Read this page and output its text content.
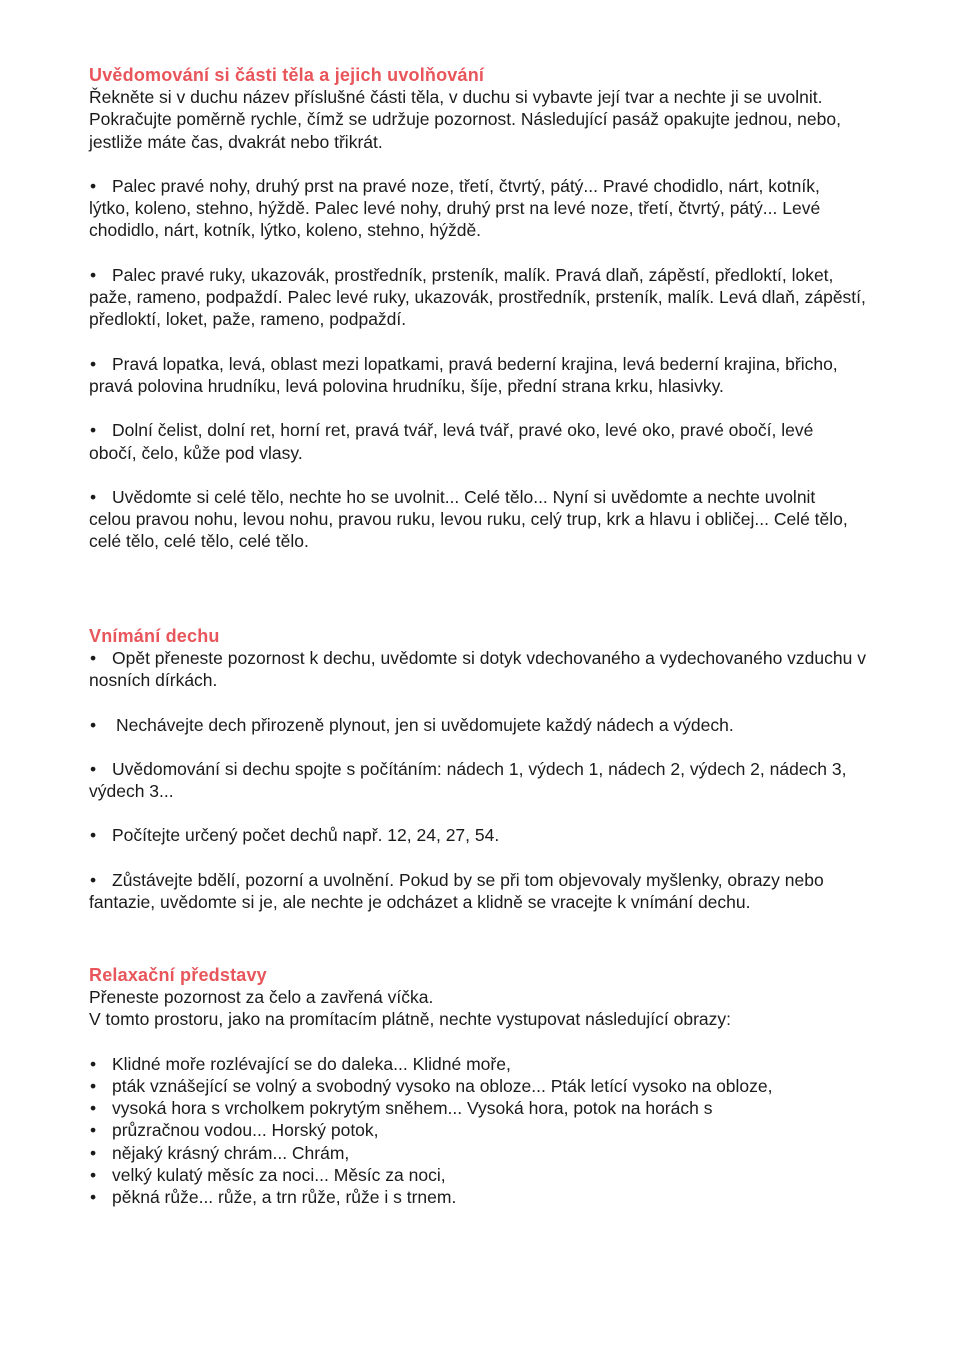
Uvědomování si části těla a jejich uvolňování

Řekněte si v duchu název příslušné části těla, v duchu si vybavte její tvar a nechte ji se uvolnit.

Pokračujte poměrně rychle, čímž se udržuje pozornost. Následující pasáž opakujte jednou, nebo, jestliže máte čas, dvakrát nebo třikrát.

• Palec pravé nohy, druhý prst na pravé noze, třetí, čtvrtý, pátý... Pravé chodidlo, nárt, kotník, lýtko, koleno, stehno, hýždě. Palec levé nohy, druhý prst na levé noze, třetí, čtvrtý, pátý... Levé chodidlo, nárt, kotník, lýtko, koleno, stehno, hýždě.

• Palec pravé ruky, ukazovák, prostředník, prsteník, malík. Pravá dlaň, zápěstí, předloktí, loket, paže, rameno, podpaždí. Palec levé ruky, ukazovák, prostředník, prsteník, malík. Levá dlaň, zápěstí, předloktí, loket, paže, rameno, podpaždí.

• Pravá lopatka, levá, oblast mezi lopatkami, pravá bederní krajina, levá bederní krajina, břicho, pravá polovina hrudníku, levá polovina hrudníku, šíje, přední strana krku, hlasivky.

• Dolní čelist, dolní ret, horní ret, pravá tvář, levá tvář, pravé oko, levé oko, pravé obočí, levé obočí, čelo, kůže pod vlasy.

• Uvědomte si celé tělo, nechte ho se uvolnit... Celé tělo... Nyní si uvědomte a nechte uvolnit celou pravou nohu, levou nohu, pravou ruku, levou ruku, celý trup, krk a hlavu i obličej... Celé tělo, celé tělo, celé tělo, celé tělo.

Vnímání dechu

• Opět přeneste pozornost k dechu, uvědomte si dotyk vdechovaného a vydechovaného vzduchu v nosních dírkách.

• Nechávejte dech přirozeně plynout, jen si uvědomujete každý nádech a výdech.

• Uvědomování si dechu spojte s počítáním: nádech 1, výdech 1, nádech 2, výdech 2, nádech 3, výdech 3...

• Počítejte určený počet dechů např. 12, 24, 27, 54.

• Zůstávejte bdělí, pozorní a uvolnění. Pokud by se při tom objevovaly myšlenky, obrazy nebo fantazie, uvědomte si je, ale nechte je odcházet a klidně se vracejte k vnímání dechu.

Relaxační představy

Přeneste pozornost za čelo a zavřená víčka.

V tomto prostoru, jako na promítacím plátně, nechte vystupovat následující obrazy:

• Klidné moře rozlévající se do daleka... Klidné moře,

• pták vznášející se volný a svobodný vysoko na obloze... Pták letící vysoko na obloze,

• vysoká hora s vrcholkem pokrytým sněhem... Vysoká hora, potok na horách s

• průzračnou vodou... Horský potok,

• nějaký krásný chrám... Chrám,

• velký kulatý měsíc za noci... Měsíc za noci,

• pěkná růže... růže, a trn růže, růže i s trnem.
